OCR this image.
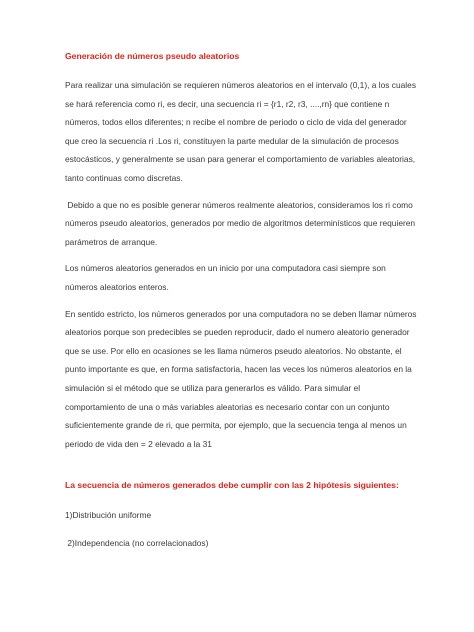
Generación de números pseudo aleatorios
Para realizar una simulación se requieren números aleatorios en el intervalo (0,1), a los cuales
se hará referencia como ri, es decir, una secuencia ri = {r1, r2, r3, ....,rn} que contiene n
números, todos ellos diferentes; n recibe el nombre de periodo o ciclo de vida del generador
que creo la secuencia ri .Los ri, constituyen la parte medular de la simulación de procesos
estocásticos, y generalmente se usan para generar el comportamiento de variables aleatorias,
tanto continuas como discretas.
Debido a que no es posible generar números realmente aleatorios, consideramos los ri como
números pseudo aleatorios, generados por medio de algoritmos determinísticos que requieren
parámetros de arranque.
Los números aleatorios generados en un inicio por una computadora casi siempre son
números aleatorios enteros.
En sentido estricto, los números generados por una computadora no se deben llamar números
aleatorios porque son predecibles se pueden reproducir, dado el numero aleatorio generador
que se use. Por ello en ocasiones se les llama números pseudo aleatorios. No obstante, el
punto importante es que, en forma satisfactoria, hacen las veces los números aleatorios en la
simulación si el método que se utiliza para generarlos es válido. Para simular el
comportamiento de una o más variables aleatorias es necesario contar con un conjunto
suficientemente grande de ri, que permita, por ejemplo, que la secuencia tenga al menos un
periodo de vida den = 2 elevado a la 31
La secuencia de números generados debe cumplir con las 2 hipótesis siguientes:
1)Distribución uniforme
2)Independencia (no correlacionados)
